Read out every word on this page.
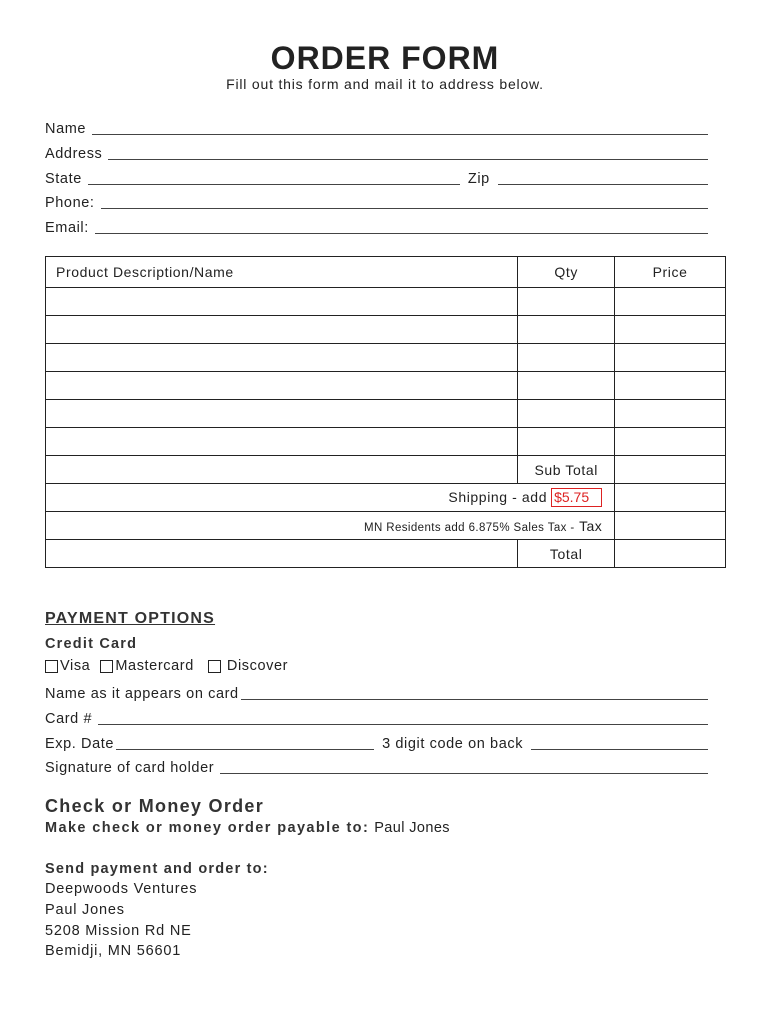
ORDER FORM
Fill out this form and mail it to address below.
Name
Address
State	Zip
Phone:
Email:
Product Description/Name	Qty	Price

	Sub Total	
Shipping - add $5.75		
MN Residents add 6.875% Sales Tax - Tax		
	Total	
PAYMENT OPTIONS
Credit Card
Visa Mastercard Discover
Name as it appears on card
Card #
Exp. Date	3 digit code on back
Signature of card holder
Check or Money Order
Make check or money order payable to: Paul Jones
Send payment and order to:
Deepwoods Ventures
Paul Jones
5208 Mission Rd NE
Bemidji, MN 56601
